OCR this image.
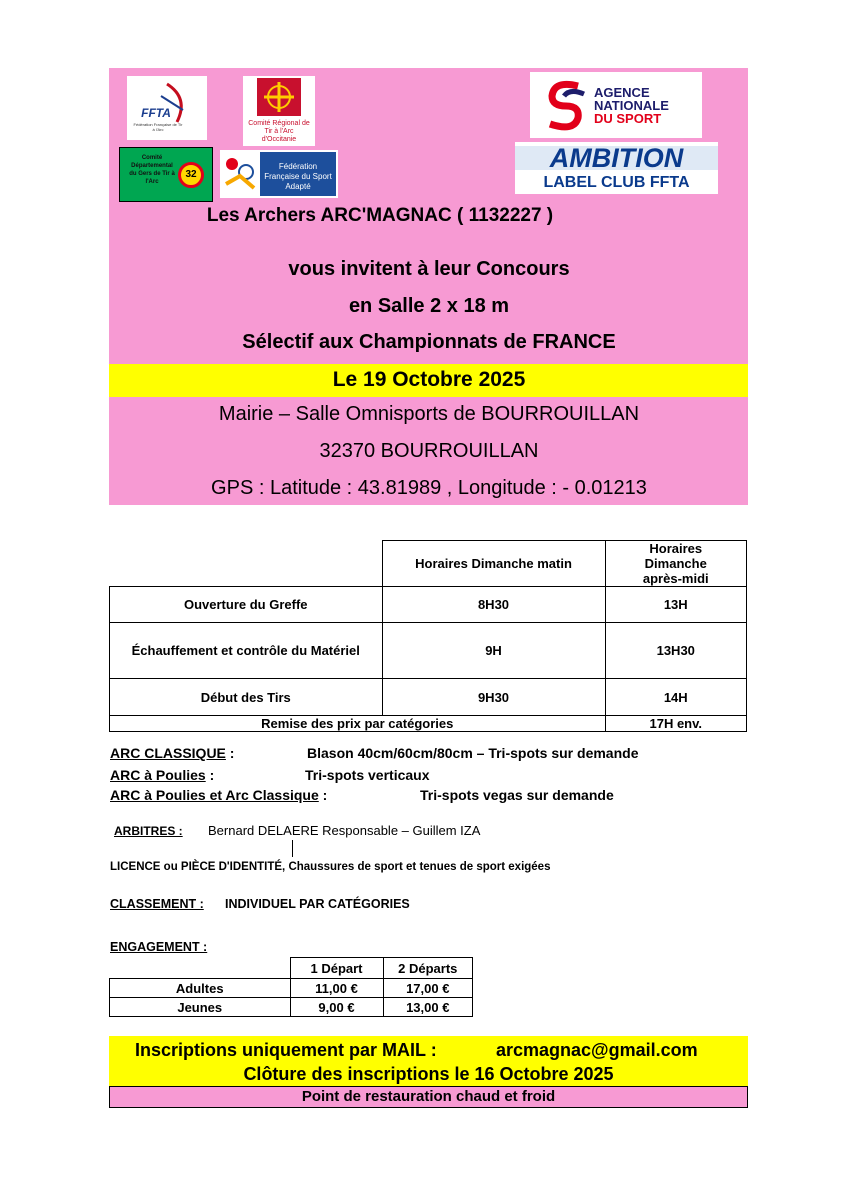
FFTA
Fédération Française de Tir à l'Arc
Comité Régional de Tir à l'Arc d'Occitanie
Comité Départemental du Gers de Tir à l'Arc
32
Fédération Française du Sport Adapté
AGENCE
NATIONALE
DU SPORT
AMBITION
LABEL CLUB FFTA
Les Archers ARC'MAGNAC ( 1132227 )
vous invitent à leur Concours
en Salle 2 x 18 m
Sélectif aux Championnats de FRANCE
Le 19 Octobre 2025
Mairie – Salle Omnisports de BOURROUILLAN
32370 BOURROUILLAN
GPS : Latitude : 43.81989 , Longitude : - 0.01213
	Horaires Dimanche matin	Horaires Dimanche après-midi
Ouverture du Greffe	8H30	13H
Échauffement et contrôle du Matériel	9H	13H30
Début des Tirs	9H30	14H
Remise des prix par catégories		17H env.
ARC CLASSIQUE :	Blason 40cm/60cm/80cm – Tri-spots sur demande
ARC à Poulies :	Tri-spots verticaux
ARC à Poulies et Arc Classique :	Tri-spots vegas sur demande
ARBITRES : Bernard DELAERE Responsable – Guillem IZA
LICENCE ou PIÈCE D'IDENTITÉ, Chaussures de sport et tenues de sport exigées
CLASSEMENT : INDIVIDUEL PAR CATÉGORIES
ENGAGEMENT :
	1 Départ	2 Départs
Adultes	11,00 €	17,00 €
Jeunes	9,00 €	13,00 €
Inscriptions uniquement par MAIL :	arcmagnac@gmail.com
Clôture des inscriptions le 16 Octobre 2025
Point de restauration chaud et froid
